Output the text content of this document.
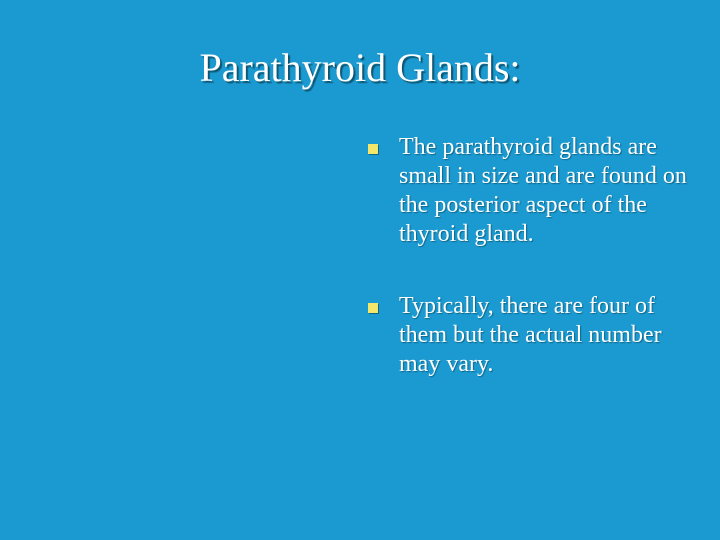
Parathyroid Glands:
The parathyroid glands are small in size and are found on the posterior aspect of the thyroid gland.
Typically, there are four of them but the actual number may vary.
